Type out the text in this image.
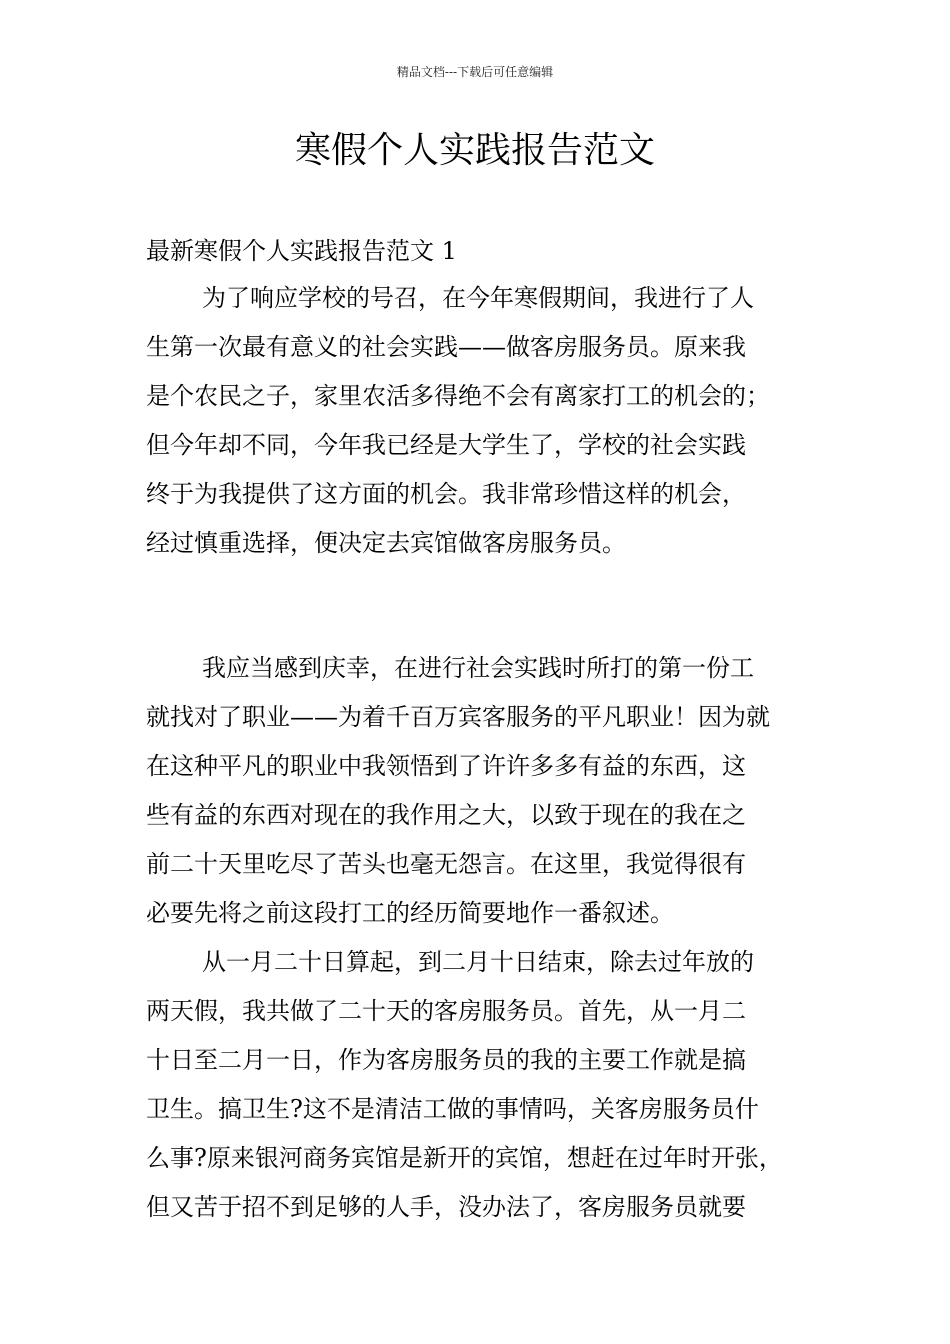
精品文档---下载后可任意编辑
寒假个人实践报告范文

最新寒假个人实践报告范文 1

为了响应学校的号召，在今年寒假期间，我进行了人
生第一次最有意义的社会实践——做客房服务员。原来我
是个农民之子，家里农活多得绝不会有离家打工的机会的；
但今年却不同，今年我已经是大学生了，学校的社会实践
终于为我提供了这方面的机会。我非常珍惜这样的机会，
经过慎重选择，便决定去宾馆做客房服务员。

我应当感到庆幸，在进行社会实践时所打的第一份工
就找对了职业——为着千百万宾客服务的平凡职业！因为就
在这种平凡的职业中我领悟到了许许多多有益的东西，这
些有益的东西对现在的我作用之大，以致于现在的我在之
前二十天里吃尽了苦头也毫无怨言。在这里，我觉得很有
必要先将之前这段打工的经历简要地作一番叙述。

从一月二十日算起，到二月十日结束，除去过年放的
两天假，我共做了二十天的客房服务员。首先，从一月二
十日至二月一日，作为客房服务员的我的主要工作就是搞
卫生。搞卫生?这不是清洁工做的事情吗，关客房服务员什
么事?原来银河商务宾馆是新开的宾馆，想赶在过年时开张，
但又苦于招不到足够的人手，没办法了，客房服务员就要
